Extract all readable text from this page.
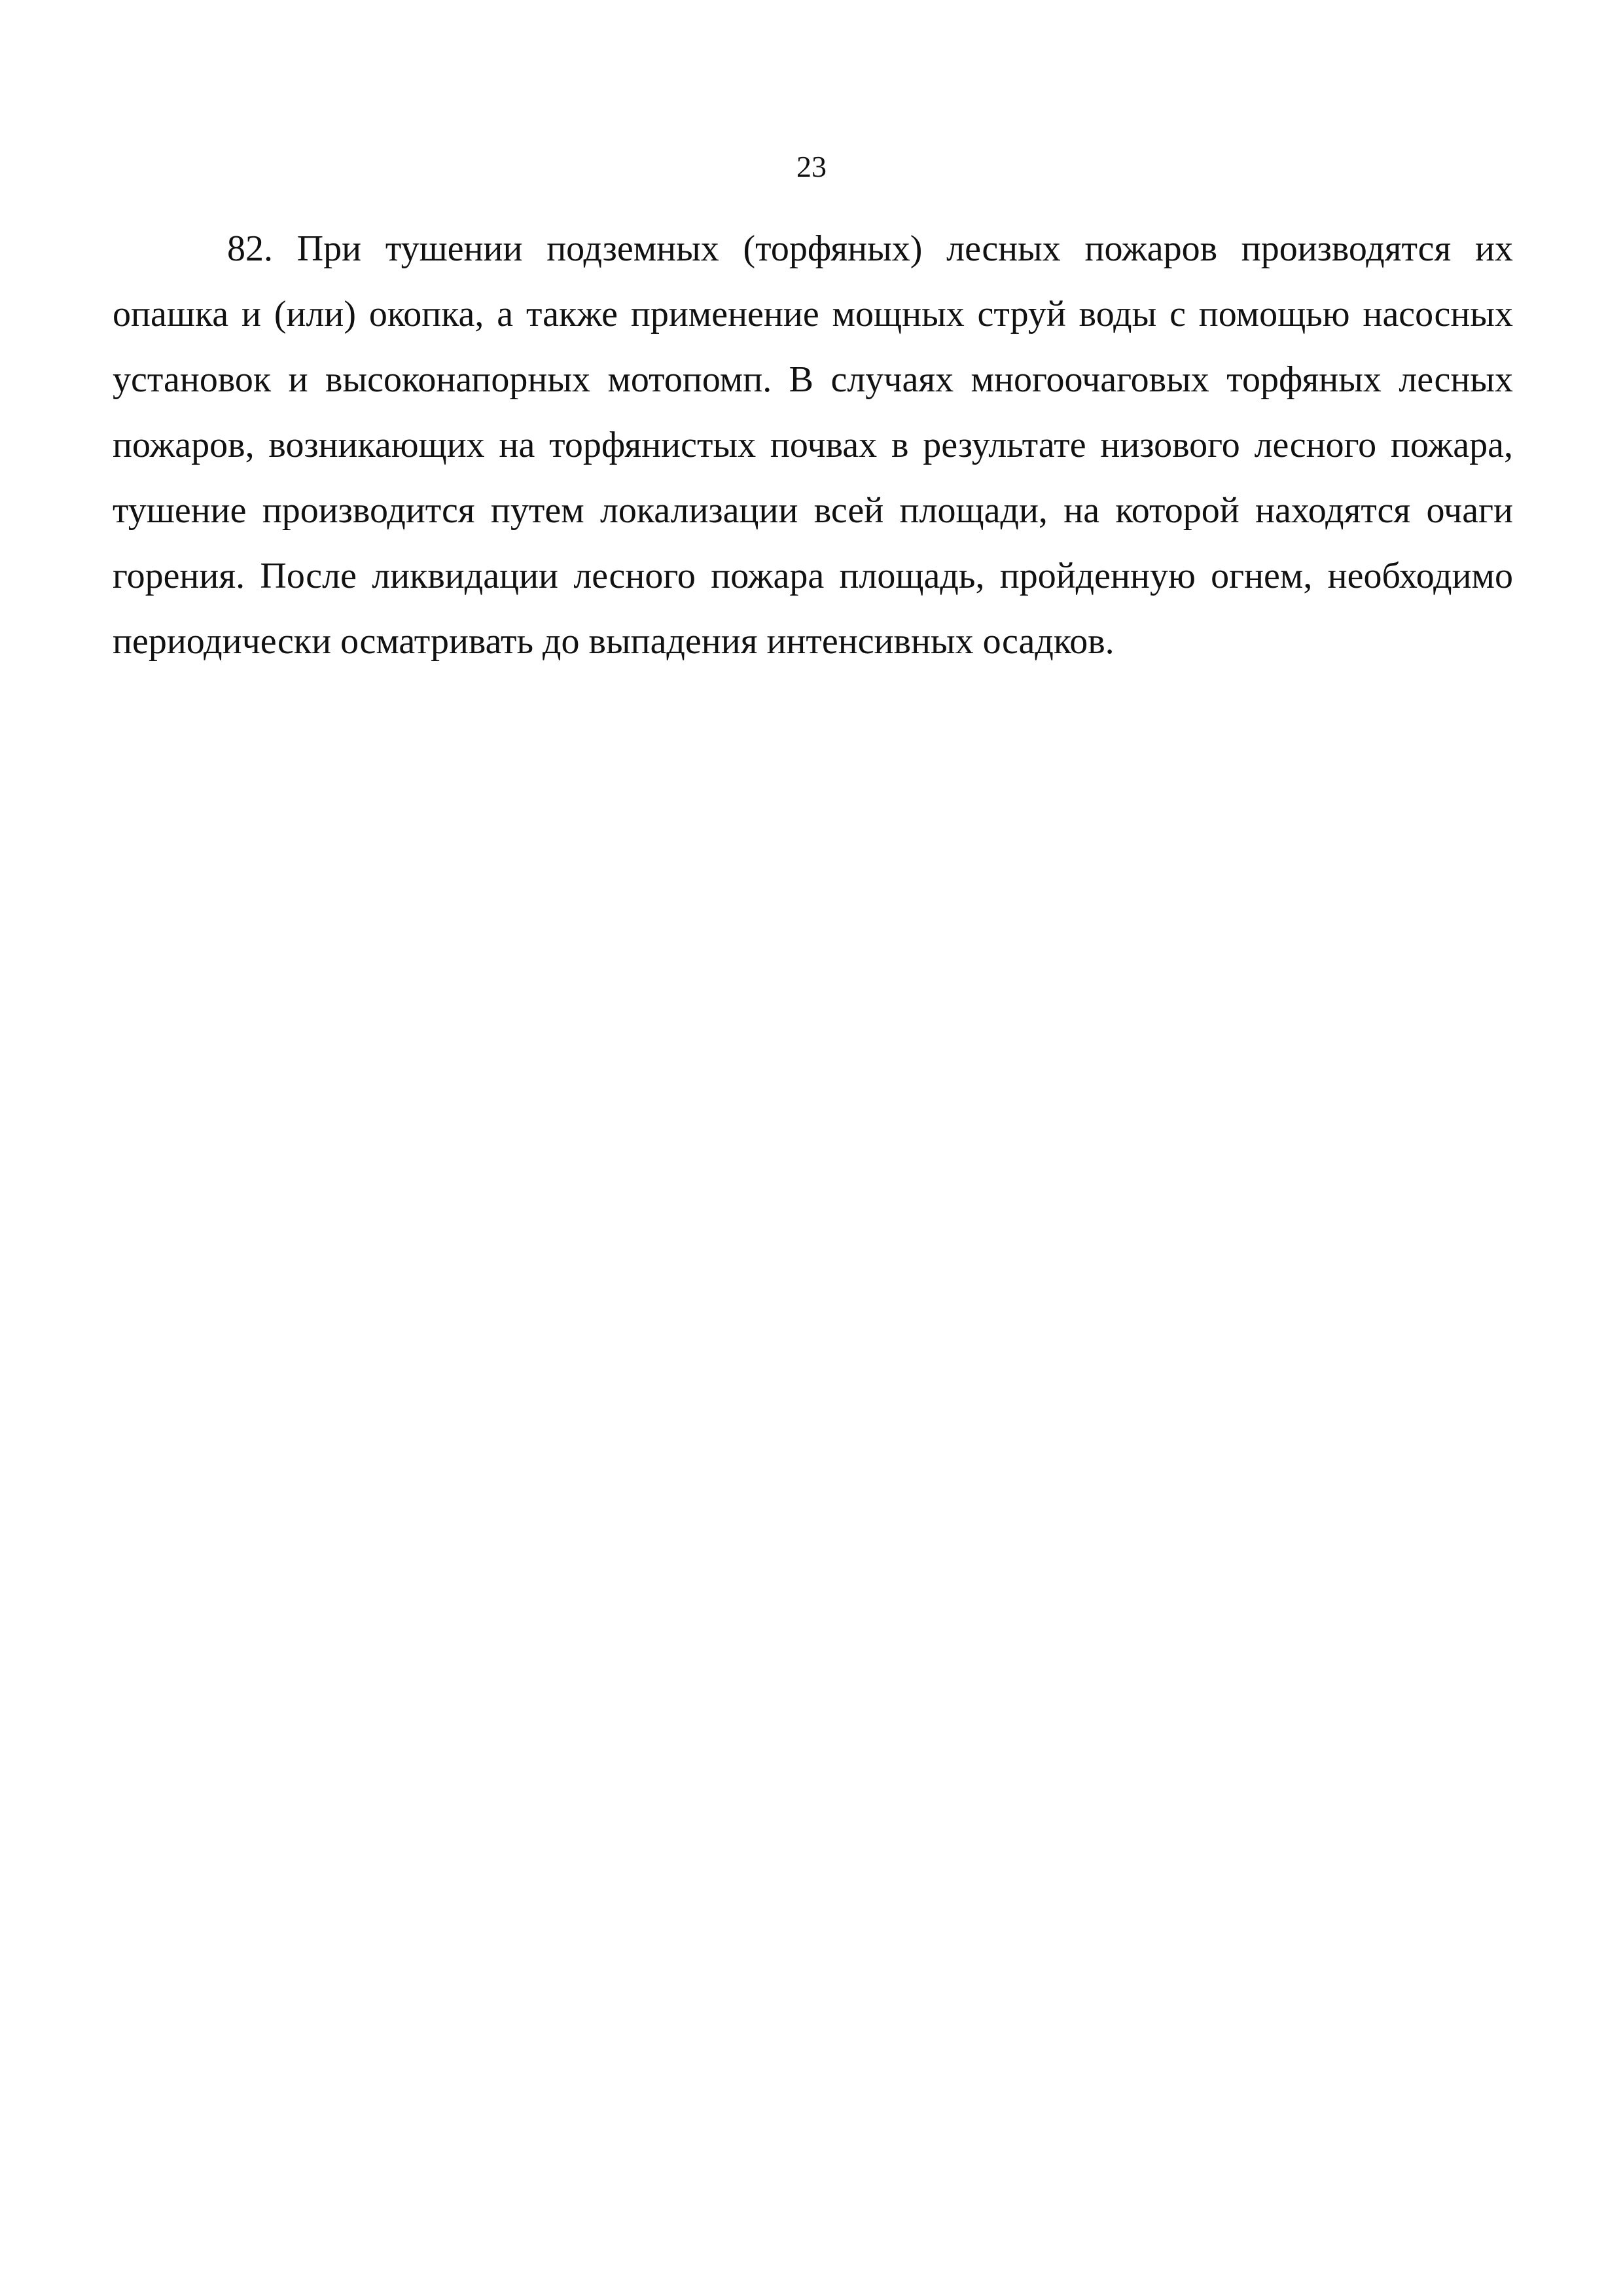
23
82. При тушении подземных (торфяных) лесных пожаров производятся их
опашка и (или) окопка, а также применение мощных струй воды с помощью насосных
установок и высоконапорных мотопомп. В случаях многоочаговых торфяных лесных
пожаров, возникающих на торфянистых почвах в результате низового лесного пожара,
тушение производится путем локализации всей площади, на которой находятся очаги
горения. После ликвидации лесного пожара площадь, пройденную огнем, необходимо
периодически осматривать до выпадения интенсивных осадков.
